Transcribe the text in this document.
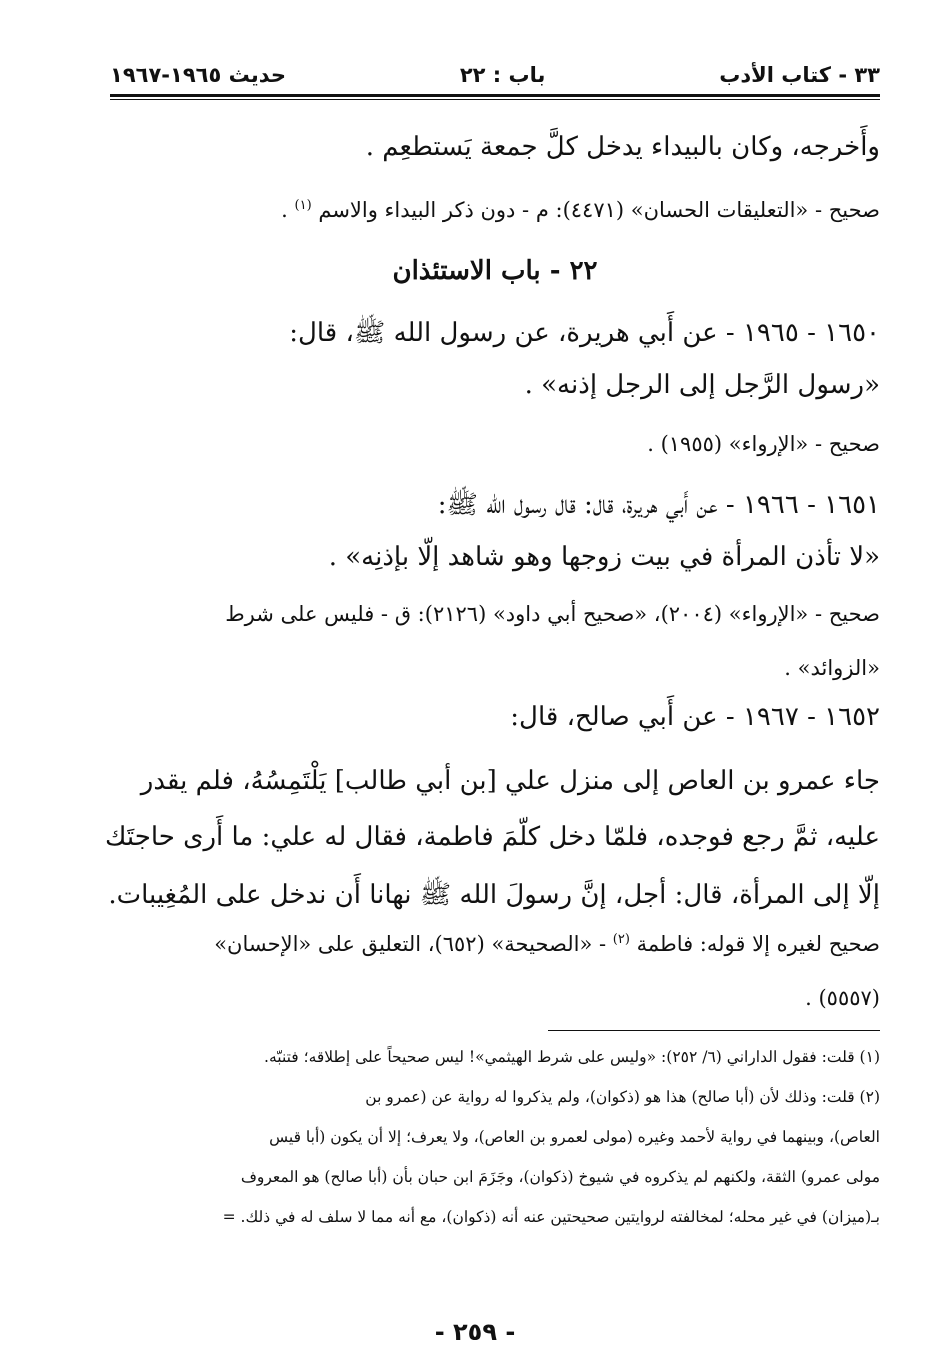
٣٣ - كتاب الأدب
باب : ٢٢
حديث ١٩٦٥-١٩٦٧
وأَخرجه، وكان بالبيداء يدخل كلَّ جمعة يَستطعِم .
صحيح - «التعليقات الحسان» (٤٤٧١): م - دون ذكر البيداء والاسم $^{(١)}$ .
٢٢ - باب الاستئذان
١٦٥٠ - ١٩٦٥ - عن أَبي هريرة، عن رسول الله ﷺ، قال:
«رسول الرَّجل إلى الرجل إذنه» .
صحيح - «الإرواء» (١٩٥٥) .
١٦٥١ - ١٩٦٦ - عن أَبي هريرة، قال: قال رسول الله ﷺ:
«لا تأذن المرأة في بيت زوجها وهو شاهد إلّا بإذنِه» .
صحيح - «الإرواء» (٢٠٠٤)، «صحيح أبي داود» (٢١٢٦): ق - فليس على شرط
«الزوائد» .
١٦٥٢ - ١٩٦٧ - عن أَبي صالح، قال:
جاء عمرو بن العاص إلى منزل علي [بن أبي طالب] يَلْتَمِسُهُ، فلم يقدر
عليه، ثمَّ رجع فوجده، فلمّا دخل كلّمَ فاطمة، فقال له علي: ما أَرى حاجتَك
إلّا إلى المرأة، قال: أجل، إنَّ رسولَ الله ﷺ نهانا أَن ندخل على المُغِيبات.
صحيح لغيره إلا قوله: فاطمة $^{(٢)}$ - «الصحيحة» (٦٥٢)، التعليق على «الإحسان»
(٥٥٥٧) .
(١) قلت: فقول الداراني (٦/ ٢٥٢): «وليس على شرط الهيثمي»! ليس صحيحاً على إطلاقه؛ فتنبّه.
(٢) قلت: وذلك لأن (أبا صالح) هذا هو (ذكوان)، ولم يذكروا له رواية عن (عمرو بن
العاص)، وبينهما في رواية لأحمد وغيره (مولى لعمرو بن العاص)، ولا يعرف؛ إلا أن يكون (أبا قيس
مولى عمرو) الثقة، ولكنهم لم يذكروه في شيوخ (ذكوان)، وجَزَمَ ابن حبان بأن (أبا صالح) هو المعروف
بـ(ميزان) في غير محله؛ لمخالفته لروايتين صحيحتين عنه أنه (ذكوان)، مع أنه مما لا سلف له في ذلك. =
- ٢٥٩ -
